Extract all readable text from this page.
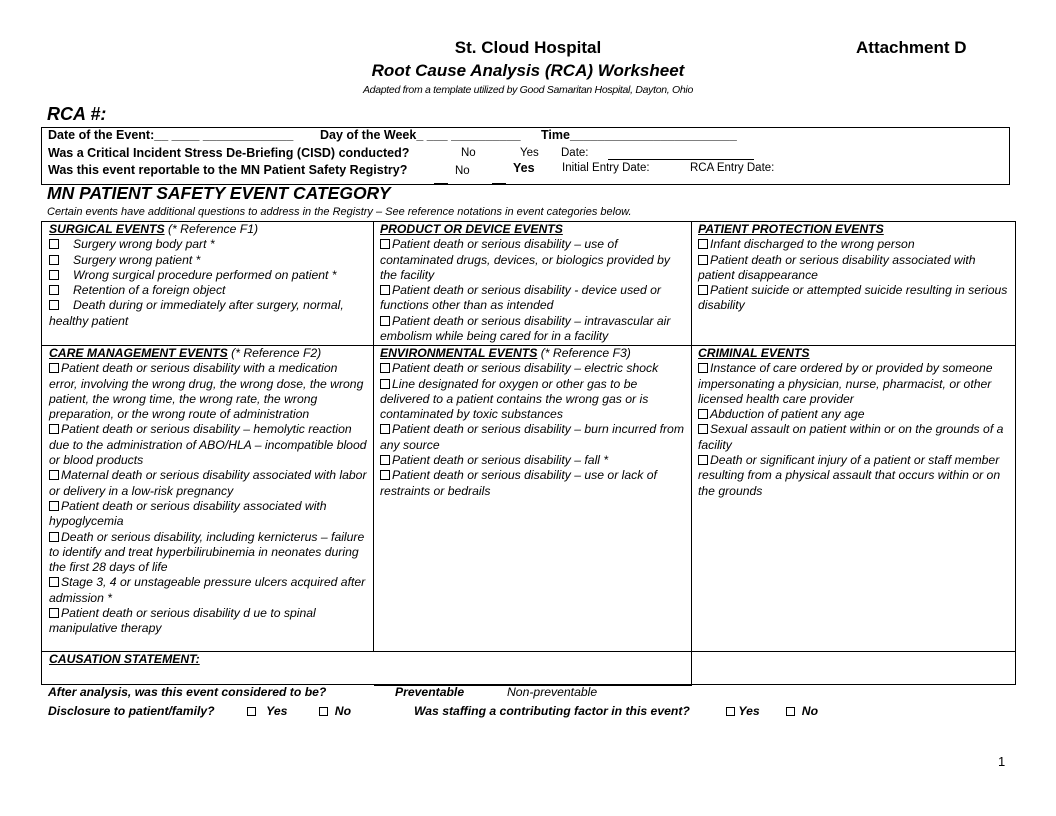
St. Cloud Hospital	Attachment D
Root Cause Analysis (RCA) Worksheet
Adapted from a template utilized by Good Samaritan Hospital, Dayton, Ohio
RCA #:
Date of the Event:__ ____ _____________ Day of the Week_ ___ __________ Time________________________
Was a Critical Incident Stress De-Briefing (CISD) conducted?	No	Yes Date:
Was this event reportable to the MN Patient Safety Registry?	No	Yes Initial Entry Date:	RCA Entry Date:
MN PATIENT SAFETY EVENT CATEGORY
Certain events have additional questions to address in the Registry – See reference notations in event categories below.
SURGICAL EVENTS (* Reference F1)
Surgery wrong body part *
Surgery wrong patient *
Wrong surgical procedure performed on patient *
Retention of a foreign object
Death during or immediately after surgery, normal, healthy patient
PRODUCT OR DEVICE EVENTS
Patient death or serious disability – use of contaminated drugs, devices, or biologics provided by the facility
Patient death or serious disability - device used or functions other than as intended
Patient death or serious disability – intravascular air embolism while being cared for in a facility
PATIENT PROTECTION EVENTS
Infant discharged to the wrong person
Patient death or serious disability associated with patient disappearance
Patient suicide or attempted suicide resulting in serious disability
CARE MANAGEMENT EVENTS (* Reference F2)
Patient death or serious disability with a medication error, involving the wrong drug, the wrong dose, the wrong patient, the wrong time, the wrong rate, the wrong preparation, or the wrong route of administration
Patient death or serious disability – hemolytic reaction due to the administration of ABO/HLA – incompatible blood or blood products
Maternal death or serious disability associated with labor or delivery in a low-risk pregnancy
Patient death or serious disability associated with hypoglycemia
Death or serious disability, including kernicterus – failure to identify and treat hyperbilirubinemia in neonates during the first 28 days of life
Stage 3, 4 or unstageable pressure ulcers acquired after admission *
Patient death or serious disability d ue to spinal manipulative therapy
ENVIRONMENTAL EVENTS (* Reference F3)
Patient death or serious disability – electric shock
Line designated for oxygen or other gas to be delivered to a patient contains the wrong gas or is contaminated by toxic substances
Patient death or serious disability – burn incurred from any source
Patient death or serious disability – fall *
Patient death or serious disability – use or lack of restraints or bedrails
CRIMINAL EVENTS
Instance of care ordered by or provided by someone impersonating a physician, nurse, pharmacist, or other licensed health care provider
Abduction of patient any age
Sexual assault on patient within or on the grounds of a facility
Death or significant injury of a patient or staff member resulting from a physical assault that occurs within or on the grounds
CAUSATION STATEMENT:
After analysis, was this event considered to be?	Preventable	Non-preventable
Disclosure to patient/family?	Yes	No	Was staffing a contributing factor in this event?	Yes	No
1
